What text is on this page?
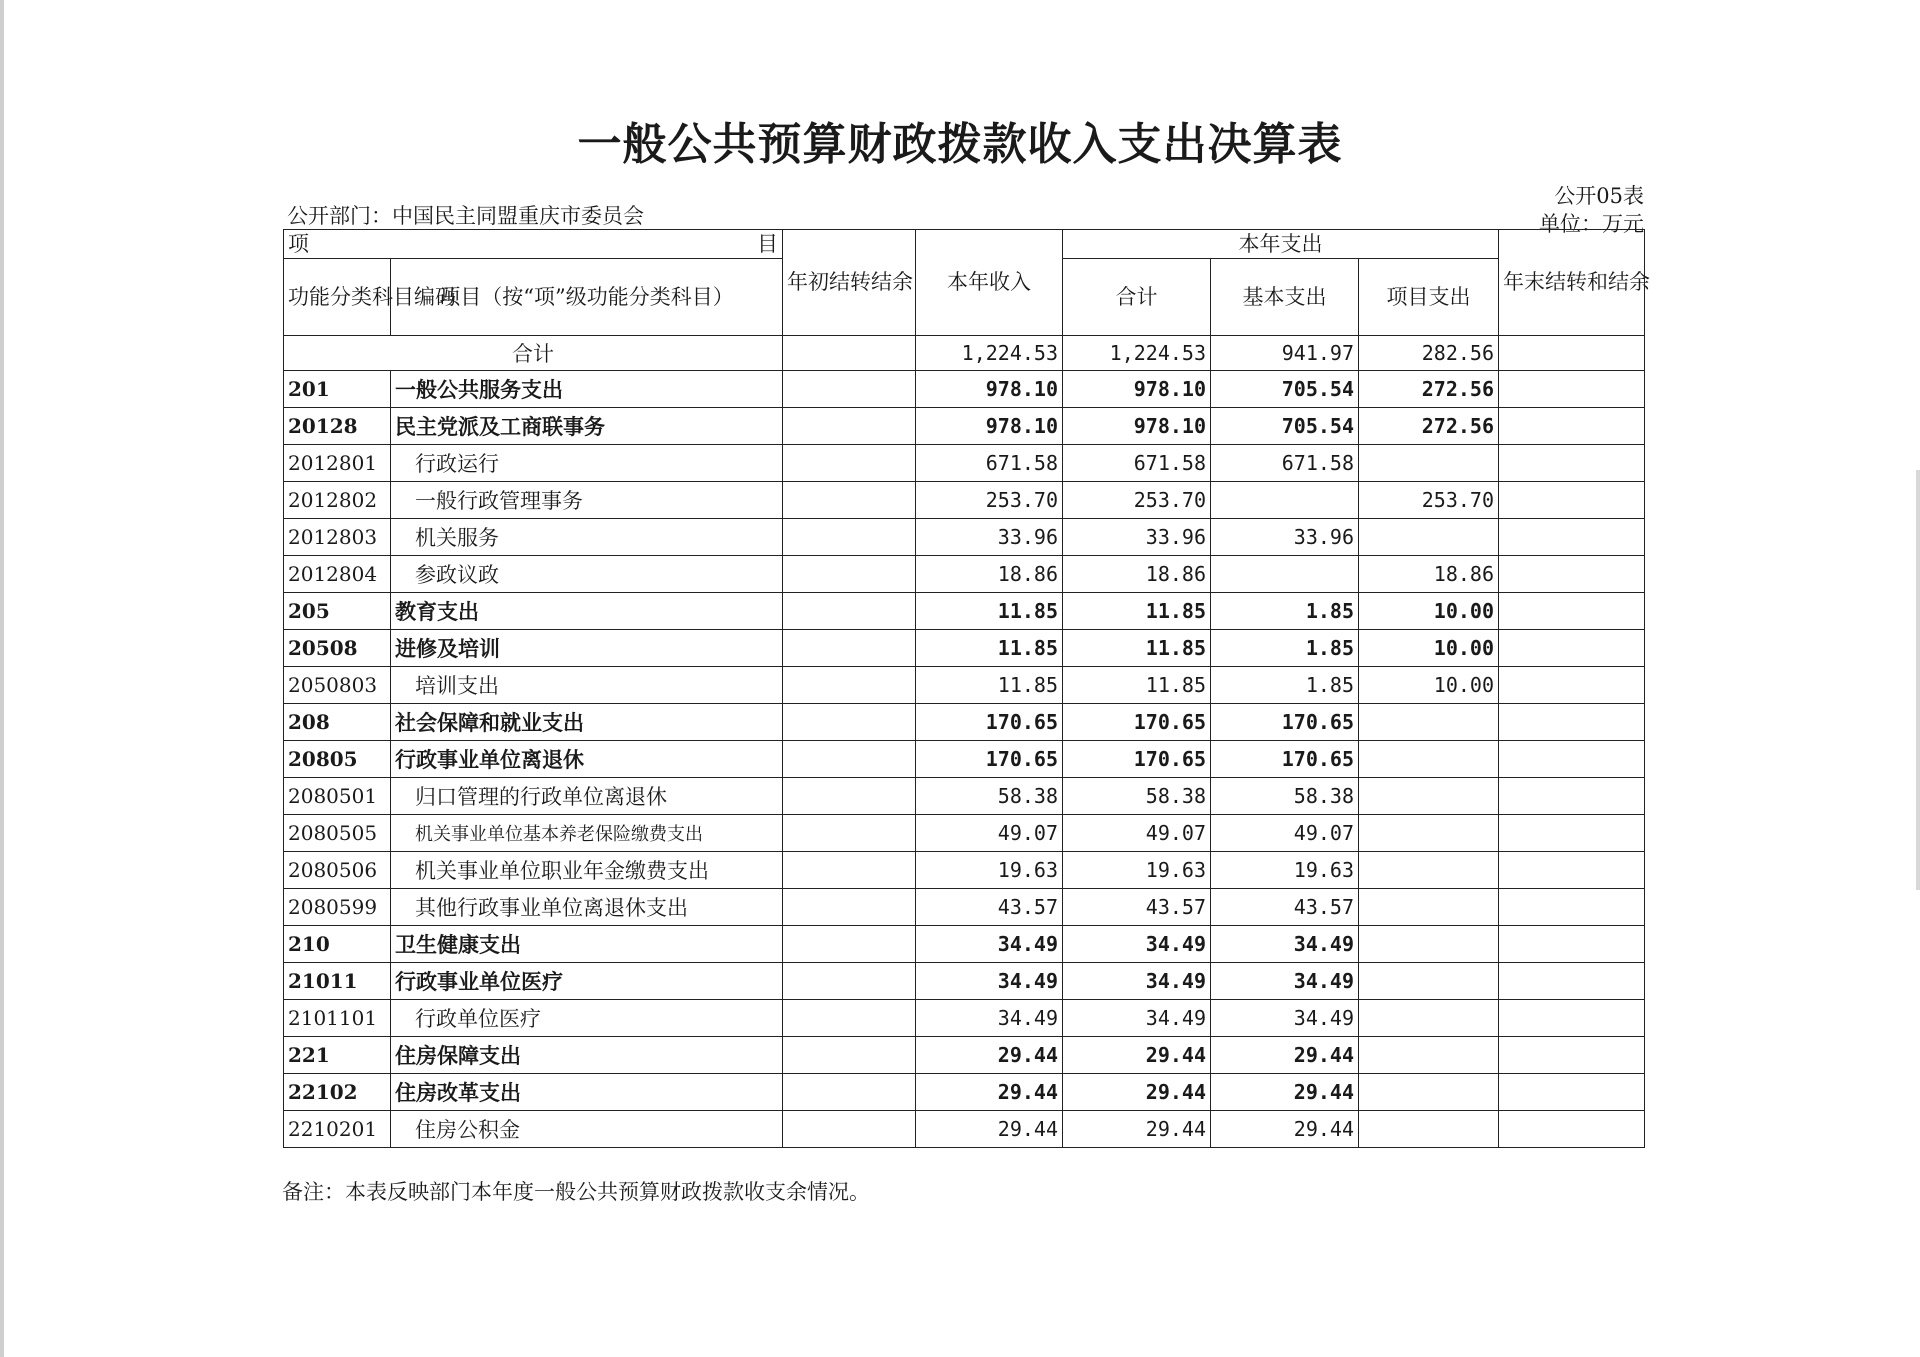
一般公共预算财政拨款收入支出决算表
公开05表
单位：万元
公开部门：中国民主同盟重庆市委员会
项 目		年初结转结余	本年收入	本年支出			年末结转和结余
功能分类科目编码	项目（按“项”级功能分类科目）			合计	基本支出	项目支出	

合计			1,224.53	1,224.53	941.97	282.56	
201	一般公共服务支出		978.10	978.10	705.54	272.56	
20128	民主党派及工商联事务		978.10	978.10	705.54	272.56	
2012801	行政运行		671.58	671.58	671.58		
2012802	一般行政管理事务		253.70	253.70		253.70	
2012803	机关服务		33.96	33.96	33.96		
2012804	参政议政		18.86	18.86		18.86	
205	教育支出		11.85	11.85	1.85	10.00	
20508	进修及培训		11.85	11.85	1.85	10.00	
2050803	培训支出		11.85	11.85	1.85	10.00	
208	社会保障和就业支出		170.65	170.65	170.65		
20805	行政事业单位离退休		170.65	170.65	170.65		
2080501	归口管理的行政单位离退休		58.38	58.38	58.38		
2080505	机关事业单位基本养老保险缴费支出		49.07	49.07	49.07		
2080506	机关事业单位职业年金缴费支出		19.63	19.63	19.63		
2080599	其他行政事业单位离退休支出		43.57	43.57	43.57		
210	卫生健康支出		34.49	34.49	34.49		
21011	行政事业单位医疗		34.49	34.49	34.49		
2101101	行政单位医疗		34.49	34.49	34.49		
221	住房保障支出		29.44	29.44	29.44		
22102	住房改革支出		29.44	29.44	29.44		
2210201	住房公积金		29.44	29.44	29.44		
备注：本表反映部门本年度一般公共预算财政拨款收支余情况。
